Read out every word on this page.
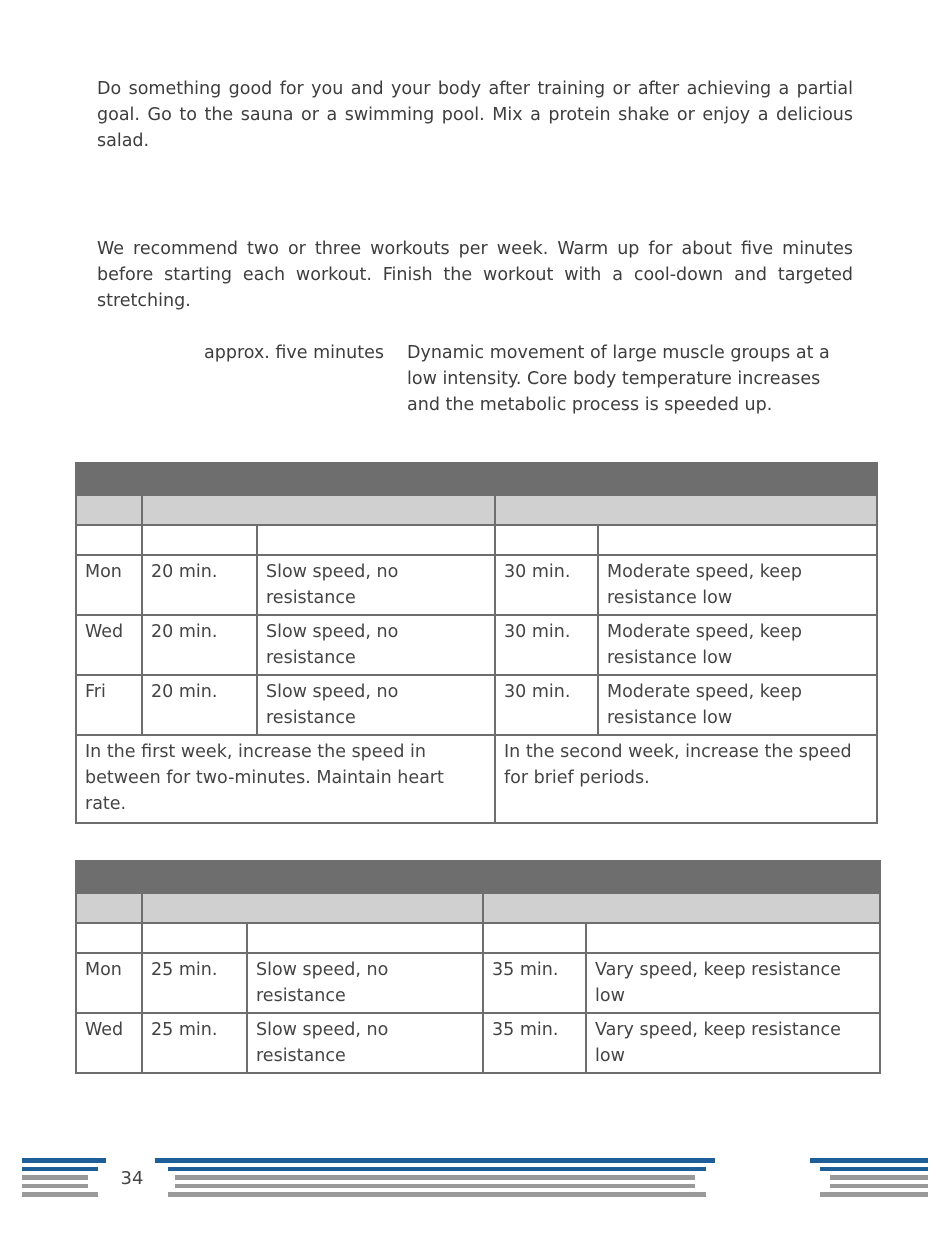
Do something good for you and your body after training or after achieving a partial goal. Go to the sauna or a swimming pool. Mix a protein shake or enjoy a delicious salad.

We recommend two or three workouts per week. Warm up for about five minutes before starting each workout. Finish the workout with a cool-down and targeted stretching.

approx. five minutes Dynamic movement of large muscle groups at a low intensity. Core body temperature increases and the metabolic process is speeded up.

Mon	20 min.	Slow speed, no resistance	30 min.	Moderate speed, keep resistance low
Wed	20 min.	Slow speed, no resistance	30 min.	Moderate speed, keep resistance low
Fri	20 min.	Slow speed, no resistance	30 min.	Moderate speed, keep resistance low
In the first week, increase the speed in between for two-minutes. Maintain heart rate.			In the second week, increase the speed for brief periods.	

Mon	25 min.	Slow speed, no resistance	35 min.	Vary speed, keep resistance low
Wed	25 min.	Slow speed, no resistance	35 min.	Vary speed, keep resistance low
34
